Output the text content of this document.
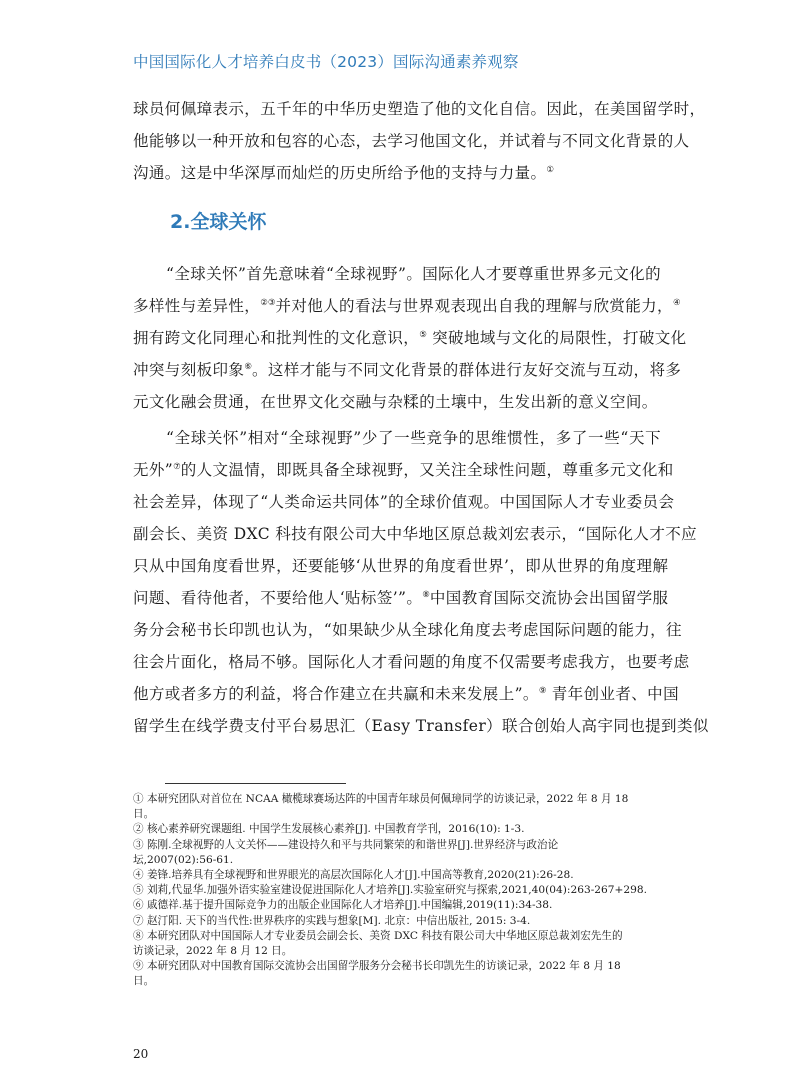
中国国际化人才培养白皮书（2023）国际沟通素养观察
球员何佩璋表示，五千年的中华历史塑造了他的文化自信。因此，在美国留学时，
他能够以一种开放和包容的心态，去学习他国文化，并试着与不同文化背景的人
沟通。这是中华深厚而灿烂的历史所给予他的支持与力量。①
2.全球关怀
“全球关怀”首先意味着“全球视野”。国际化人才要尊重世界多元文化的
多样性与差异性，②③并对他人的看法与世界观表现出自我的理解与欣赏能力，④
拥有跨文化同理心和批判性的文化意识，⑤ 突破地域与文化的局限性，打破文化
冲突与刻板印象⑥。这样才能与不同文化背景的群体进行友好交流与互动，将多
元文化融会贯通，在世界文化交融与杂糅的土壤中，生发出新的意义空间。
“全球关怀”相对“全球视野”少了一些竞争的思维惯性，多了一些“天下
无外”⑦的人文温情，即既具备全球视野，又关注全球性问题，尊重多元文化和
社会差异，体现了“人类命运共同体”的全球价值观。中国国际人才专业委员会
副会长、美资 DXC 科技有限公司大中华地区原总裁刘宏表示，“国际化人才不应
只从中国角度看世界，还要能够‘从世界的角度看世界’，即从世界的角度理解
问题、看待他者，不要给他人‘贴标签’”。⑧中国教育国际交流协会出国留学服
务分会秘书长印凯也认为，“如果缺少从全球化角度去考虑国际问题的能力，往
往会片面化，格局不够。国际化人才看问题的角度不仅需要考虑我方，也要考虑
他方或者多方的利益，将合作建立在共赢和未来发展上”。⑨ 青年创业者、中国
留学生在线学费支付平台易思汇（Easy Transfer）联合创始人高宇同也提到类似
① 本研究团队对首位在 NCAA 橄榄球赛场达阵的中国青年球员何佩璋同学的访谈记录，2022 年 8 月 18
日。
② 核心素养研究课题组. 中国学生发展核心素养[J]. 中国教育学刊，2016(10): 1-3.
③ 陈刚.全球视野的人文关怀——建设持久和平与共同繁荣的和谐世界[J].世界经济与政治论
坛,2007(02):56-61.
④ 姜锋.培养具有全球视野和世界眼光的高层次国际化人才[J].中国高等教育,2020(21):26-28.
⑤ 刘莉,代显华.加强外语实验室建设促进国际化人才培养[J].实验室研究与探索,2021,40(04):263-267+298.
⑥ 戚德祥.基于提升国际竞争力的出版企业国际化人才培养[J].中国编辑,2019(11):34-38.
⑦ 赵汀阳. 天下的当代性:世界秩序的实践与想象[M]. 北京：中信出版社, 2015: 3-4.
⑧ 本研究团队对中国国际人才专业委员会副会长、美资 DXC 科技有限公司大中华地区原总裁刘宏先生的
访谈记录，2022 年 8 月 12 日。
⑨ 本研究团队对中国教育国际交流协会出国留学服务分会秘书长印凯先生的访谈记录，2022 年 8 月 18
日。
20
